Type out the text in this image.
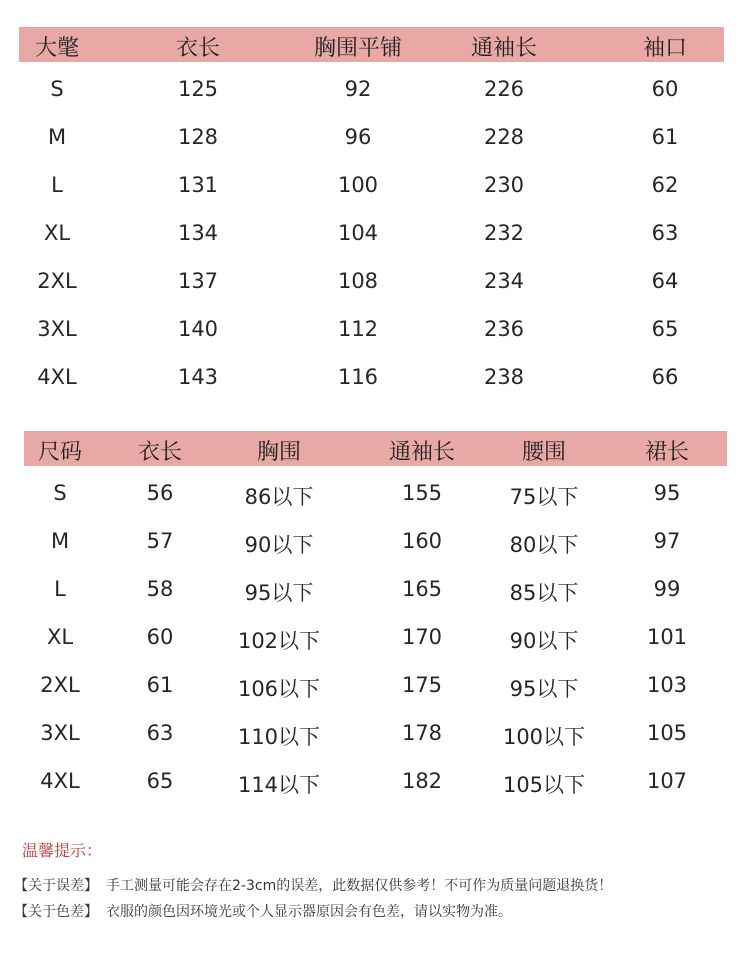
大氅	衣长	胸围平铺	通袖长	袖口
S	125	92	226	60
M	128	96	228	61
L	131	100	230	62
XL	134	104	232	63
2XL	137	108	234	64
3XL	140	112	236	65
4XL	143	116	238	66
尺码	衣长	胸围	通袖长	腰围	裙长
S	56	86以下	155	75以下	95
M	57	90以下	160	80以下	97
L	58	95以下	165	85以下	99
XL	60	102以下	170	90以下	101
2XL	61	106以下	175	95以下	103
3XL	63	110以下	178	100以下	105
4XL	65	114以下	182	105以下	107
温馨提示：
【关于误差】 手工测量可能会存在2-3cm的误差，此数据仅供参考！不可作为质量问题退换货！
【关于色差】 衣服的颜色因环境光或个人显示器原因会有色差，请以实物为准。
